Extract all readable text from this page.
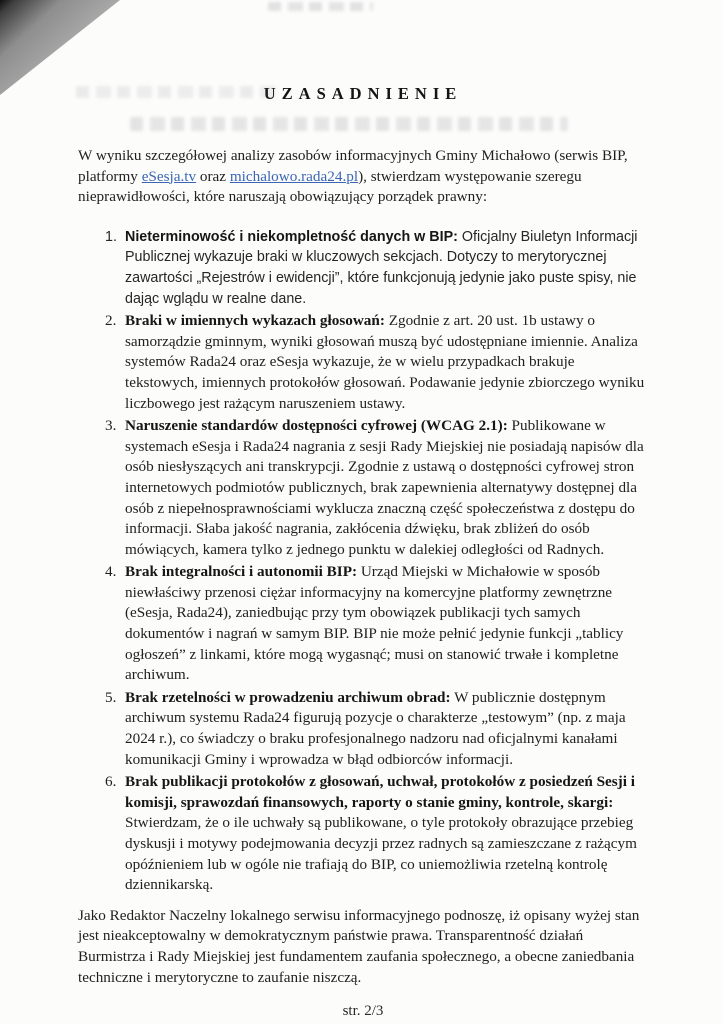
UZASADNIENIE

W wyniku szczegółowej analizy zasobów informacyjnych Gminy Michałowo (serwis BIP, platformy eSesja.tv oraz michalowo.rada24.pl), stwierdzam występowanie szeregu nieprawidłowości, które naruszają obowiązujący porządek prawny:

1. Nieterminowość i niekompletność danych w BIP: Oficjalny Biuletyn Informacji Publicznej wykazuje braki w kluczowych sekcjach. Dotyczy to merytorycznej zawartości „Rejestrów i ewidencji”, które funkcjonują jedynie jako puste spisy, nie dając wglądu w realne dane.
2. Braki w imiennych wykazach głosowań: Zgodnie z art. 20 ust. 1b ustawy o samorządzie gminnym, wyniki głosowań muszą być udostępniane imiennie. Analiza systemów Rada24 oraz eSesja wykazuje, że w wielu przypadkach brakuje tekstowych, imiennych protokołów głosowań. Podawanie jedynie zbiorczego wyniku liczbowego jest rażącym naruszeniem ustawy.
3. Naruszenie standardów dostępności cyfrowej (WCAG 2.1): Publikowane w systemach eSesja i Rada24 nagrania z sesji Rady Miejskiej nie posiadają napisów dla osób niesłyszących ani transkrypcji. Zgodnie z ustawą o dostępności cyfrowej stron internetowych podmiotów publicznych, brak zapewnienia alternatywy dostępnej dla osób z niepełnosprawnościami wyklucza znaczną część społeczeństwa z dostępu do informacji. Słaba jakość nagrania, zakłócenia dźwięku, brak zbliżeń do osób mówiących, kamera tylko z jednego punktu w dalekiej odległości od Radnych.
4. Brak integralności i autonomii BIP: Urząd Miejski w Michałowie w sposób niewłaściwy przenosi ciężar informacyjny na komercyjne platformy zewnętrzne (eSesja, Rada24), zaniedbując przy tym obowiązek publikacji tych samych dokumentów i nagrań w samym BIP. BIP nie może pełnić jedynie funkcji „tablicy ogłoszeń” z linkami, które mogą wygasnąć; musi on stanowić trwałe i kompletne archiwum.
5. Brak rzetelności w prowadzeniu archiwum obrad: W publicznie dostępnym archiwum systemu Rada24 figurują pozycje o charakterze „testowym” (np. z maja 2024 r.), co świadczy o braku profesjonalnego nadzoru nad oficjalnymi kanałami komunikacji Gminy i wprowadza w błąd odbiorców informacji.
6. Brak publikacji protokołów z głosowań, uchwał, protokołów z posiedzeń Sesji i komisji, sprawozdań finansowych, raporty o stanie gminy, kontrole, skargi: Stwierdzam, że o ile uchwały są publikowane, o tyle protokoły obrazujące przebieg dyskusji i motywy podejmowania decyzji przez radnych są zamieszczane z rażącym opóźnieniem lub w ogóle nie trafiają do BIP, co uniemożliwia rzetelną kontrolę dziennikarską.

Jako Redaktor Naczelny lokalnego serwisu informacyjnego podnoszę, iż opisany wyżej stan jest nieakceptowalny w demokratycznym państwie prawa. Transparentność działań Burmistrza i Rady Miejskiej jest fundamentem zaufania społecznego, a obecne zaniedbania techniczne i merytoryczne to zaufanie niszczą.

str. 2/3
